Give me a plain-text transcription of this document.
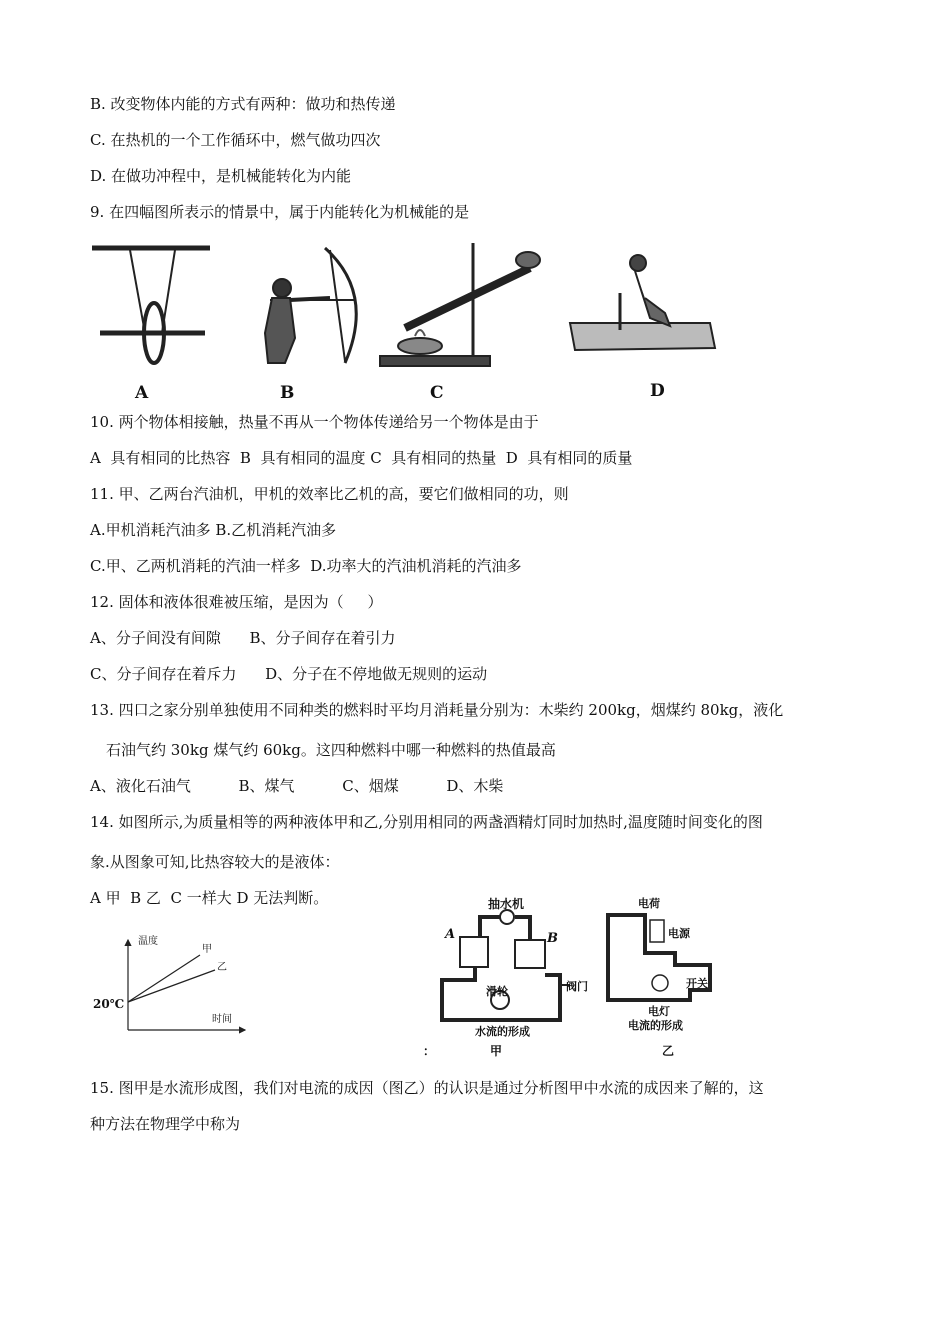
B. 改变物体内能的方式有两种：做功和热传递
C. 在热机的一个工作循环中，燃气做功四次
D. 在做功冲程中，是机械能转化为内能
9. 在四幅图所表示的情景中，属于内能转化为机械能的是
A	B	C	D
10. 两个物体相接触，热量不再从一个物体传递给另一个物体是由于
A  具有相同的比热容  B  具有相同的温度 C  具有相同的热量  D  具有相同的质量
11. 甲、乙两台汽油机，甲机的效率比乙机的高，要它们做相同的功，则
A.甲机消耗汽油多 B.乙机消耗汽油多
C.甲、乙两机消耗的汽油一样多  D.功率大的汽油机消耗的汽油多
12. 固体和液体很难被压缩，是因为（     ）
A、分子间没有间隙      B、分子间存在着引力
C、分子间存在着斥力      D、分子在不停地做无规则的运动
13. 四口之家分别单独使用不同种类的燃料时平均月消耗量分别为：木柴约 200kg，烟煤约 80kg，液化
石油气约 30kg 煤气约 60kg。这四种燃料中哪一种燃料的热值最高
A、液化石油气          B、煤气          C、烟煤          D、木柴
14. 如图所示,为质量相等的两种液体甲和乙,分别用相同的两盏酒精灯同时加热时,温度随时间变化的图
象.从图象可知,比热容较大的是液体：
A 甲  B 乙  C 一样大 D 无法判断。
温度
时间
20℃
甲
乙
抽水机
A	B
滑轮	阀门
水流的形成
：	甲
电荷
电源
开关
电灯
电流的形成
乙
15. 图甲是水流形成图，我们对电流的成因（图乙）的认识是通过分析图甲中水流的成因来了解的，这
种方法在物理学中称为
